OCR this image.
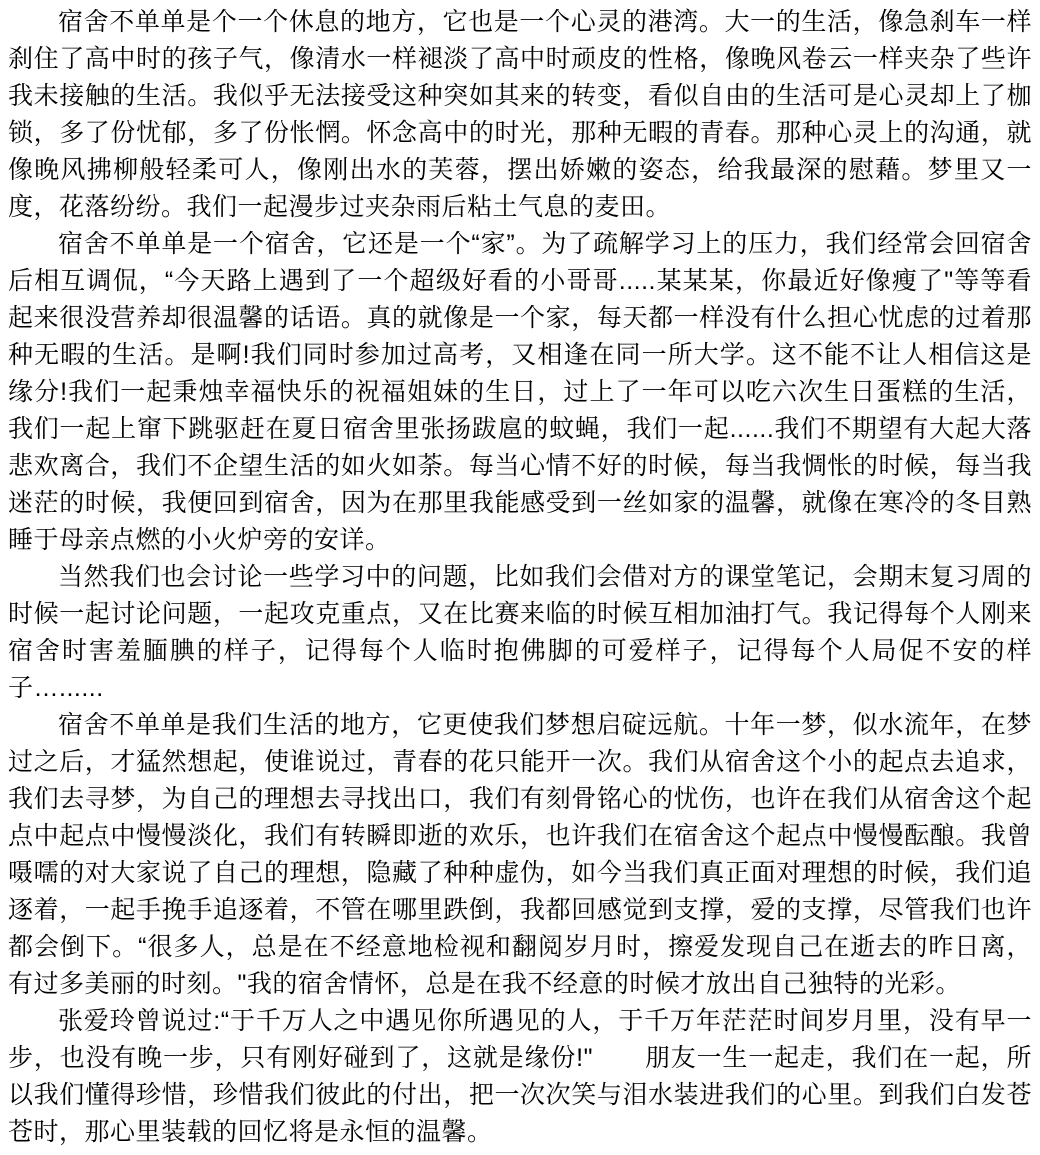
宿舍不单单是个一个休息的地方，它也是一个心灵的港湾。大一的生活，像急刹车一样刹住了高中时的孩子气，像清水一样褪淡了高中时顽皮的性格，像晚风卷云一样夹杂了些许我未接触的生活。我似乎无法接受这种突如其来的转变，看似自由的生活可是心灵却上了枷锁，多了份忧郁，多了份怅惘。怀念高中的时光，那种无暇的青春。那种心灵上的沟通，就像晚风拂柳般轻柔可人，像刚出水的芙蓉，摆出娇嫩的姿态，给我最深的慰藉。梦里又一度，花落纷纷。我们一起漫步过夹杂雨后粘土气息的麦田。

宿舍不单单是一个宿舍，它还是一个“家”。为了疏解学习上的压力，我们经常会回宿舍后相互调侃，“今天路上遇到了一个超级好看的小哥哥.....某某某，你最近好像瘦了"等等看起来很没营养却很温馨的话语。真的就像是一个家，每天都一样没有什么担心忧虑的过着那种无暇的生活。是啊!我们同时参加过高考，又相逢在同一所大学。这不能不让人相信这是缘分!我们一起秉烛幸福快乐的祝福姐妹的生日，过上了一年可以吃六次生日蛋糕的生活，我们一起上窜下跳驱赶在夏日宿舍里张扬跋扈的蚊蝇，我们一起......我们不期望有大起大落悲欢离合，我们不企望生活的如火如荼。每当心情不好的时候，每当我惆怅的时候，每当我迷茫的时候，我便回到宿舍，因为在那里我能感受到一丝如家的温馨，就像在寒冷的冬目熟睡于母亲点燃的小火炉旁的安详。

当然我们也会讨论一些学习中的问题，比如我们会借对方的课堂笔记，会期末复习周的时候一起讨论问题，一起攻克重点，又在比赛来临的时候互相加油打气。我记得每个人刚来宿舍时害羞腼腆的样子，记得每个人临时抱佛脚的可爱样子，记得每个人局促不安的样子…......

宿舍不单单是我们生活的地方，它更使我们梦想启碇远航。十年一梦，似水流年，在梦过之后，才猛然想起，使谁说过，青春的花只能开一次。我们从宿舍这个小的起点去追求，我们去寻梦，为自己的理想去寻找出口，我们有刻骨铭心的忧伤，也许在我们从宿舍这个起点中起点中慢慢淡化，我们有转瞬即逝的欢乐，也许我们在宿舍这个起点中慢慢酝酿。我曾嗫嚅的对大家说了自己的理想，隐藏了种种虚伪，如今当我们真正面对理想的时候，我们追逐着，一起手挽手追逐着，不管在哪里跌倒，我都回感觉到支撑，爱的支撑，尽管我们也许都会倒下。“很多人，总是在不经意地检视和翻阅岁月时，擦爱发现自己在逝去的昨日离，有过多美丽的时刻。"我的宿舍情怀，总是在我不经意的时候才放出自己独特的光彩。

张爱玲曾说过:“于千万人之中遇见你所遇见的人，于千万年茫茫时间岁月里，没有早一步，也没有晚一步，只有刚好碰到了，这就是缘份!"　　朋友一生一起走，我们在一起，所以我们懂得珍惜，珍惜我们彼此的付出，把一次次笑与泪水装进我们的心里。到我们白发苍苍时，那心里装载的回忆将是永恒的温馨。
